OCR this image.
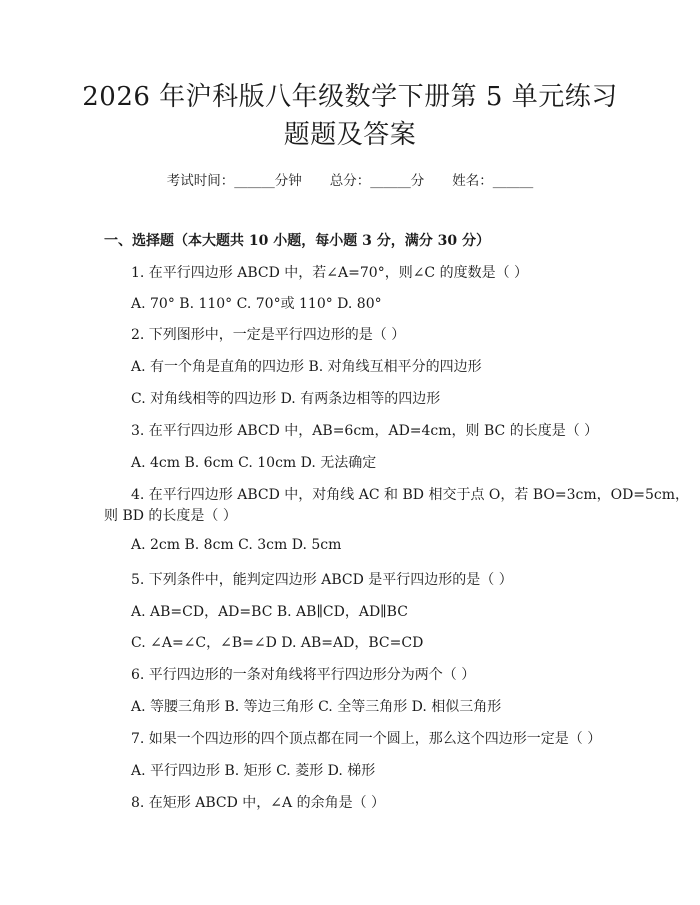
2026 年沪科版八年级数学下册第 5 单元练习
题题及答案
考试时间：______分钟 总分：______分 姓名：______
一、选择题（本大题共 10 小题，每小题 3 分，满分 30 分）
1. 在平行四边形 ABCD 中，若∠A=70°，则∠C 的度数是（ ）
A. 70° B. 110° C. 70°或 110° D. 80°
2. 下列图形中，一定是平行四边形的是（ ）
A. 有一个角是直角的四边形 B. 对角线互相平分的四边形
C. 对角线相等的四边形 D. 有两条边相等的四边形
3. 在平行四边形 ABCD 中，AB=6cm，AD=4cm，则 BC 的长度是（ ）
A. 4cm B. 6cm C. 10cm D. 无法确定
4. 在平行四边形 ABCD 中，对角线 AC 和 BD 相交于点 O，若 BO=3cm，OD=5cm，
则 BD 的长度是（ ）
A. 2cm B. 8cm C. 3cm D. 5cm
5. 下列条件中，能判定四边形 ABCD 是平行四边形的是（ ）
A. AB=CD，AD=BC B. AB∥CD，AD∥BC
C. ∠A=∠C，∠B=∠D D. AB=AD，BC=CD
6. 平行四边形的一条对角线将平行四边形分为两个（ ）
A. 等腰三角形 B. 等边三角形 C. 全等三角形 D. 相似三角形
7. 如果一个四边形的四个顶点都在同一个圆上，那么这个四边形一定是（ ）
A. 平行四边形 B. 矩形 C. 菱形 D. 梯形
8. 在矩形 ABCD 中，∠A 的余角是（ ）
